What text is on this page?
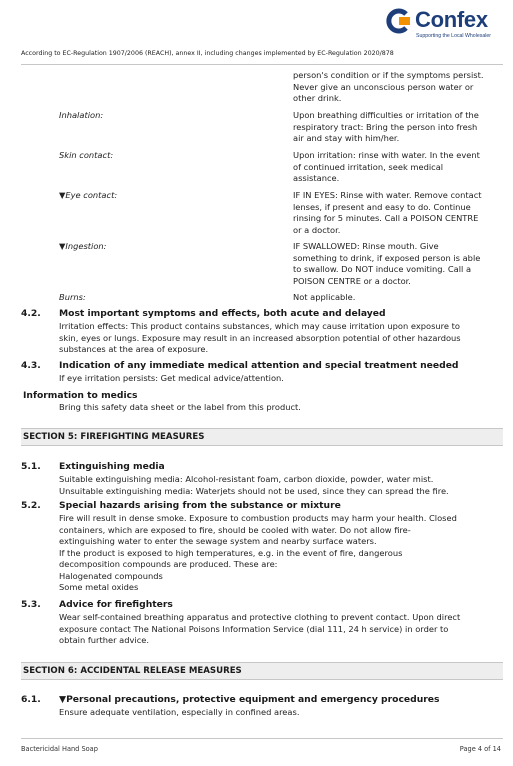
Confex
Supporting the Local Wholesaler
According to EC-Regulation 1907/2006 (REACH), annex II, including changes implemented by EC-Regulation 2020/878
person's condition or if the symptoms persist.
Never give an unconscious person water or
other drink.
Inhalation:	Upon breathing difficulties or irritation of the
respiratory tract: Bring the person into fresh
air and stay with him/her.
Skin contact:	Upon irritation: rinse with water. In the event
of continued irritation, seek medical
assistance.
▼Eye contact:	IF IN EYES: Rinse with water. Remove contact
lenses, if present and easy to do. Continue
rinsing for 5 minutes. Call a POISON CENTRE
or a doctor.
▼Ingestion:	IF SWALLOWED: Rinse mouth. Give
something to drink, if exposed person is able
to swallow. Do NOT induce vomiting. Call a
POISON CENTRE or a doctor.
Burns:	Not applicable.
4.2. Most important symptoms and effects, both acute and delayed
Irritation effects: This product contains substances, which may cause irritation upon exposure to
skin, eyes or lungs. Exposure may result in an increased absorption potential of other hazardous
substances at the area of exposure.
4.3. Indication of any immediate medical attention and special treatment needed
If eye irritation persists: Get medical advice/attention.
Information to medics
Bring this safety data sheet or the label from this product.
SECTION 5: FIREFIGHTING MEASURES
5.1. Extinguishing media
Suitable extinguishing media: Alcohol-resistant foam, carbon dioxide, powder, water mist.
Unsuitable extinguishing media: Waterjets should not be used, since they can spread the fire.
5.2. Special hazards arising from the substance or mixture
Fire will result in dense smoke. Exposure to combustion products may harm your health. Closed
containers, which are exposed to fire, should be cooled with water. Do not allow fire-
extinguishing water to enter the sewage system and nearby surface waters.
If the product is exposed to high temperatures, e.g. in the event of fire, dangerous
decomposition compounds are produced. These are:
Halogenated compounds
Some metal oxides
5.3. Advice for firefighters
Wear self-contained breathing apparatus and protective clothing to prevent contact. Upon direct
exposure contact The National Poisons Information Service (dial 111, 24 h service) in order to
obtain further advice.
SECTION 6: ACCIDENTAL RELEASE MEASURES
6.1. ▼Personal precautions, protective equipment and emergency procedures
Ensure adequate ventilation, especially in confined areas.
Bactericidal Hand Soap	Page 4 of 14
